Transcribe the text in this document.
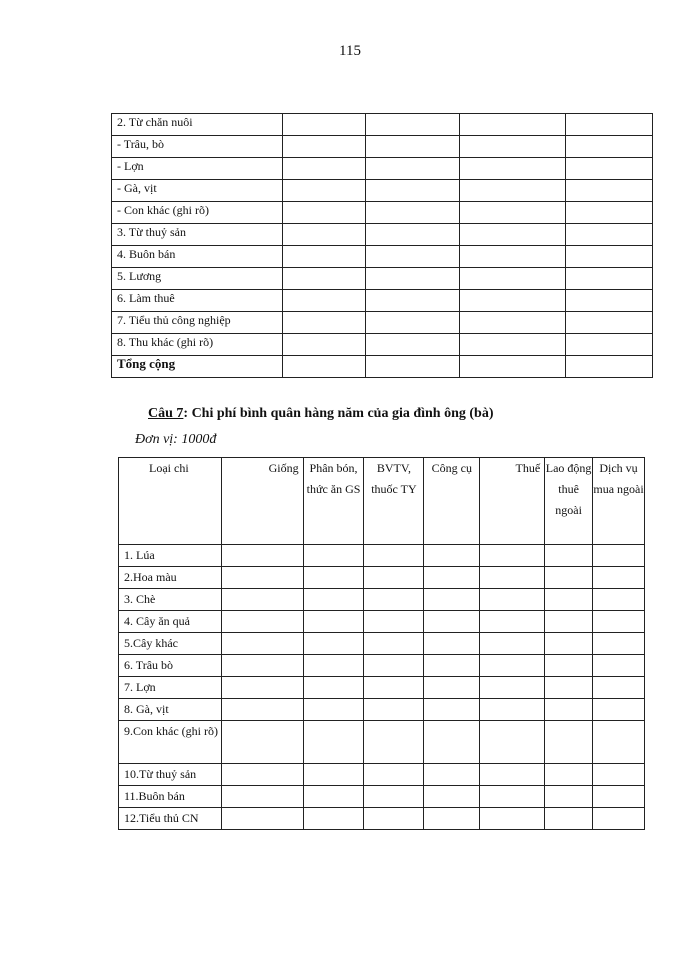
115
2. Từ chăn nuôi				
- Trâu, bò				
- Lợn				
- Gà, vịt				
- Con khác (ghi rõ)				
3. Từ thuỷ sản				
4. Buôn bán				
5. Lương				
6. Làm thuê				
7. Tiểu thủ công nghiệp				
8. Thu khác (ghi rõ)				
Tổng cộng				
Câu 7: Chi phí bình quân hàng năm của gia đình ông (bà)
Đơn vị: 1000đ
Loại chi	Giống	Phân bón, thức ăn GS	BVTV, thuốc TY	Công cụ	Thuế	Lao động thuê ngoài	Dịch vụ mua ngoài
1. Lúa							
2.Hoa màu							
3. Chè							
4. Cây ăn quả							
5.Cây khác							
6. Trâu bò							
7. Lợn							
8. Gà, vịt							
9.Con khác (ghi rõ)							
10.Từ thuỷ sản							
11.Buôn bán							
12.Tiểu thủ CN							
